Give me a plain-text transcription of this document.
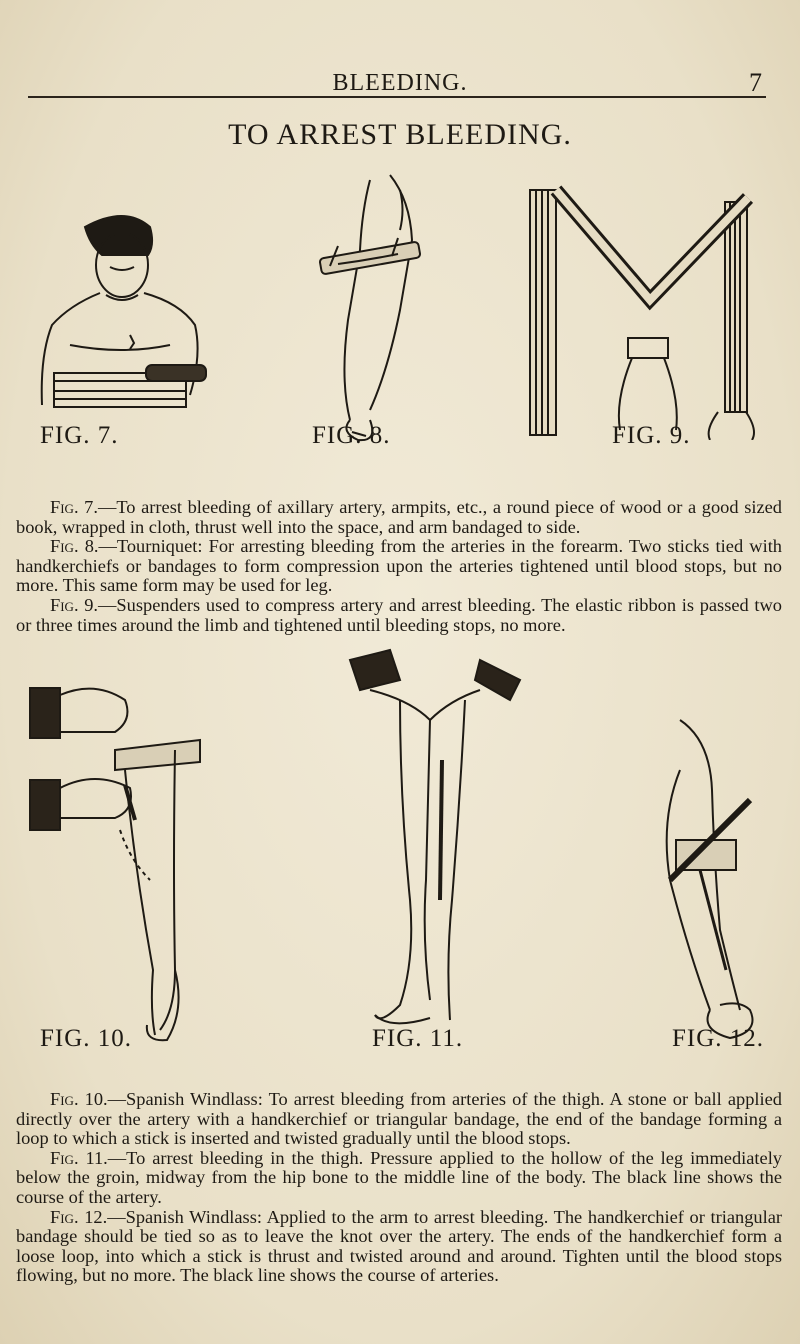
BLEEDING.	7
TO ARREST BLEEDING.
FIG. 7.	FIG. 8.	FIG. 9.

Fig. 7.—To arrest bleeding of axillary artery, armpits, etc., a round piece of wood or a good sized book, wrapped in cloth, thrust well into the space, and arm bandaged to side.

Fig. 8.—Tourniquet: For arresting bleeding from the arteries in the forearm. Two sticks tied with handkerchiefs or bandages to form compression upon the arteries tightened until blood stops, but no more. This same form may be used for leg.

Fig. 9.—Suspenders used to compress artery and arrest bleeding. The elastic ribbon is passed two or three times around the limb and tightened until bleeding stops, no more.

FIG. 10.	FIG. 11.	FIG. 12.

Fig. 10.—Spanish Windlass: To arrest bleeding from arteries of the thigh. A stone or ball applied directly over the artery with a handkerchief or triangular bandage, the end of the bandage forming a loop to which a stick is inserted and twisted gradually until the blood stops.

Fig. 11.—To arrest bleeding in the thigh. Pressure applied to the hollow of the leg immediately below the groin, midway from the hip bone to the middle line of the body. The black line shows the course of the artery.

Fig. 12.—Spanish Windlass: Applied to the arm to arrest bleeding. The handkerchief or triangular bandage should be tied so as to leave the knot over the artery. The ends of the handkerchief form a loose loop, into which a stick is thrust and twisted around and around. Tighten until the blood stops flowing, but no more. The black line shows the course of arteries.
